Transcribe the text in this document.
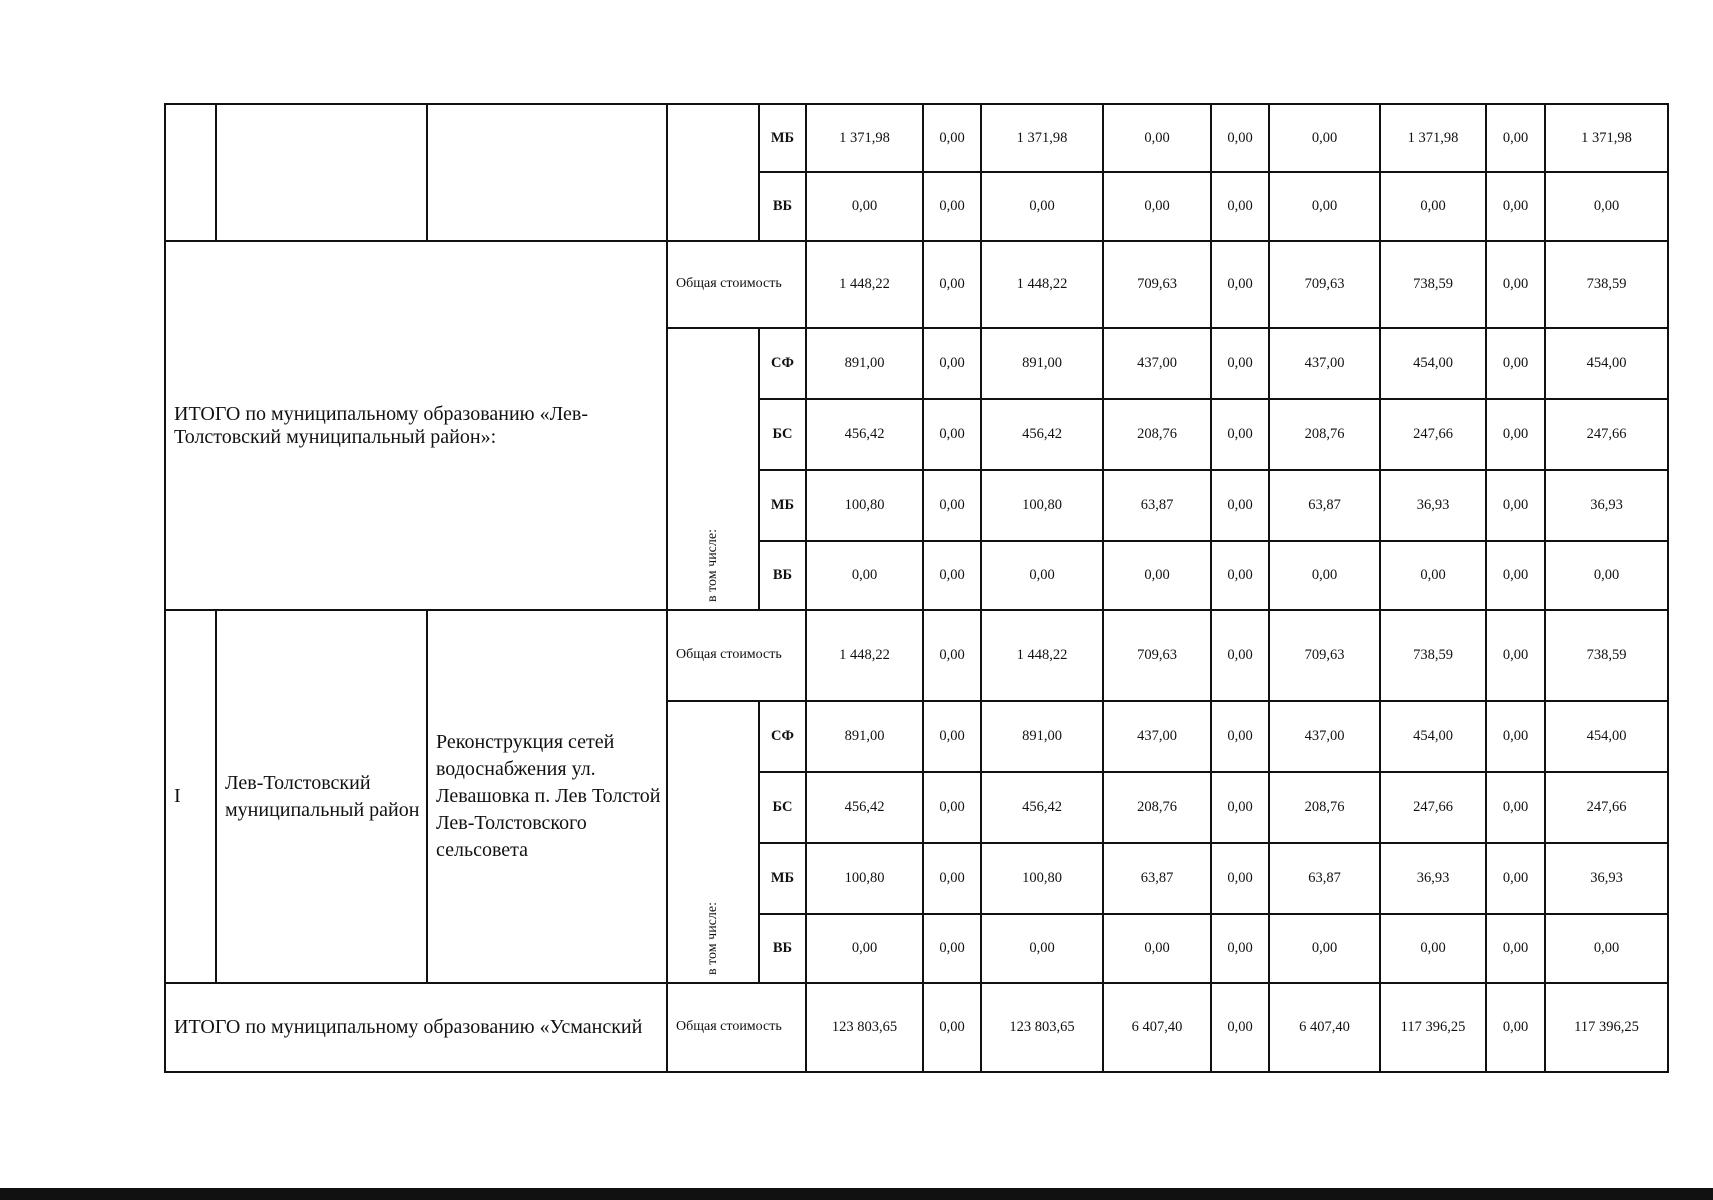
				МБ	1 371,98	0,00	1 371,98	0,00	0,00	0,00	1 371,98	0,00	1 371,98
				ВБ	0,00	0,00	0,00	0,00	0,00	0,00	0,00	0,00	0,00
ИТОГО по муниципальному образованию «Лев-Толстовский муниципальный район»:			Общая стоимость		1 448,22	0,00	1 448,22	709,63	0,00	709,63	738,59	0,00	738,59
			в том числе:	СФ	891,00	0,00	891,00	437,00	0,00	437,00	454,00	0,00	454,00
				БС	456,42	0,00	456,42	208,76	0,00	208,76	247,66	0,00	247,66
				МБ	100,80	0,00	100,80	63,87	0,00	63,87	36,93	0,00	36,93
				ВБ	0,00	0,00	0,00	0,00	0,00	0,00	0,00	0,00	0,00
I	Лев-Толстовский муниципальный район	Реконструкция сетей водоснабжения ул. Левашовка п. Лев Толстой Лев-Толстовского сельсовета	Общая стоимость		1 448,22	0,00	1 448,22	709,63	0,00	709,63	738,59	0,00	738,59
			в том числе:	СФ	891,00	0,00	891,00	437,00	0,00	437,00	454,00	0,00	454,00
				БС	456,42	0,00	456,42	208,76	0,00	208,76	247,66	0,00	247,66
				МБ	100,80	0,00	100,80	63,87	0,00	63,87	36,93	0,00	36,93
				ВБ	0,00	0,00	0,00	0,00	0,00	0,00	0,00	0,00	0,00
ИТОГО по муниципальному образованию «Усманский			Общая стоимость		123 803,65	0,00	123 803,65	6 407,40	0,00	6 407,40	117 396,25	0,00	117 396,25
